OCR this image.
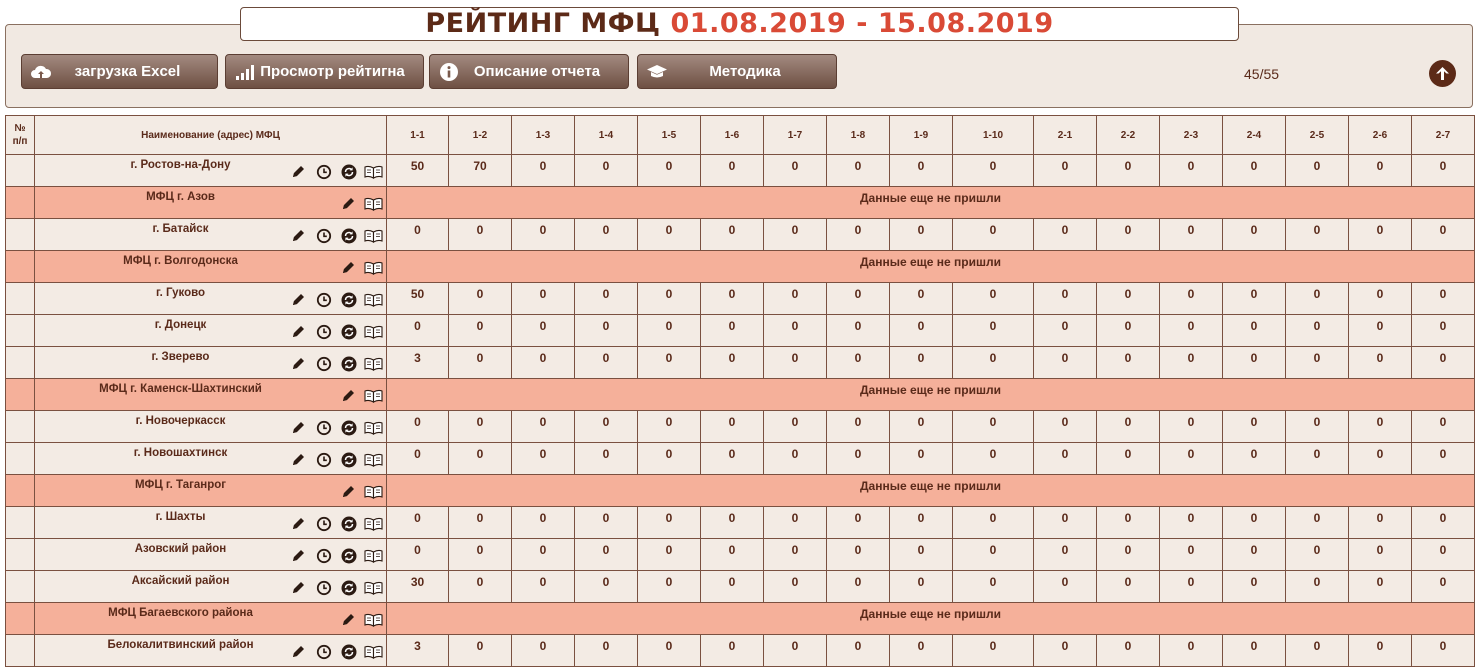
РЕЙТИНГ МФЦ 01.08.2019 - 15.08.2019
загрузка Excel	Просмотр рейтигна	Описание отчета	Методика	45/55
№
п/п	Наименование (адрес) МФЦ	1-1	1-2	1-3	1-4	1-5	1-6	1-7	1-8	1-9	1-10	2-1	2-2	2-3	2-4	2-5	2-6	2-7

	г. Ростов-на-Дону	50	70	0	0	0	0	0	0	0	0	0	0	0	0	0	0	0

	МФЦ г. Азов	Данные еще не пришли																

	г. Батайск	0	0	0	0	0	0	0	0	0	0	0	0	0	0	0	0	0

	МФЦ г. Волгодонска	Данные еще не пришли																

	г. Гуково	50	0	0	0	0	0	0	0	0	0	0	0	0	0	0	0	0

	г. Донецк	0	0	0	0	0	0	0	0	0	0	0	0	0	0	0	0	0

	г. Зверево	3	0	0	0	0	0	0	0	0	0	0	0	0	0	0	0	0

	МФЦ г. Каменск-Шахтинский	Данные еще не пришли																

	г. Новочеркасск	0	0	0	0	0	0	0	0	0	0	0	0	0	0	0	0	0

	г. Новошахтинск	0	0	0	0	0	0	0	0	0	0	0	0	0	0	0	0	0

	МФЦ г. Таганрог	Данные еще не пришли																

	г. Шахты	0	0	0	0	0	0	0	0	0	0	0	0	0	0	0	0	0

	Азовский район	0	0	0	0	0	0	0	0	0	0	0	0	0	0	0	0	0

	Аксайский район	30	0	0	0	0	0	0	0	0	0	0	0	0	0	0	0	0

	МФЦ Багаевского района	Данные еще не пришли																

	Белокалитвинский район	3	0	0	0	0	0	0	0	0	0	0	0	0	0	0	0	0
